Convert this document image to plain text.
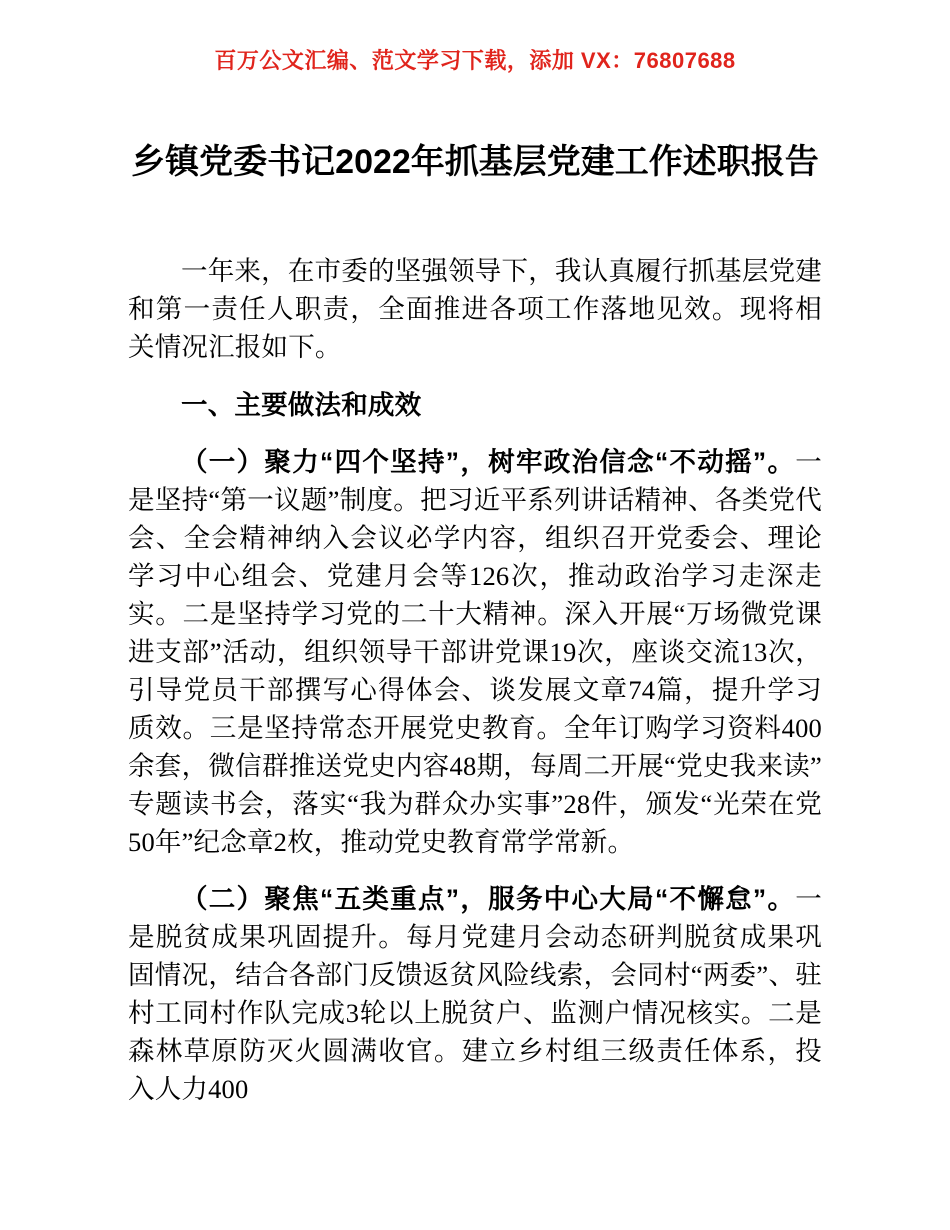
百万公文汇编、范文学习下载，添加 VX：76807688
乡镇党委书记2022年抓基层党建工作述职报告

一年来，在市委的坚强领导下，我认真履行抓基层党建和第一责任人职责，全面推进各项工作落地见效。现将相关情况汇报如下。

一、主要做法和成效

（一）聚力“四个坚持”，树牢政治信念“不动摇”。一是坚持“第一议题”制度。把习近平系列讲话精神、各类党代会、全会精神纳入会议必学内容，组织召开党委会、理论学习中心组会、党建月会等126次，推动政治学习走深走实。二是坚持学习党的二十大精神。深入开展“万场微党课进支部”活动，组织领导干部讲党课19次，座谈交流13次，引导党员干部撰写心得体会、谈发展文章74篇，提升学习质效。三是坚持常态开展党史教育。全年订购学习资料400余套，微信群推送党史内容48期，每周二开展“党史我来读”专题读书会，落实“我为群众办实事”28件，颁发“光荣在党50年”纪念章2枚，推动党史教育常学常新。

（二）聚焦“五类重点”，服务中心大局“不懈怠”。一是脱贫成果巩固提升。每月党建月会动态研判脱贫成果巩固情况，结合各部门反馈返贫风险线索，会同村“两委”、驻村工同村作队完成3轮以上脱贫户、监测户情况核实。二是森林草原防灭火圆满收官。建立乡村组三级责任体系，投入人力400
